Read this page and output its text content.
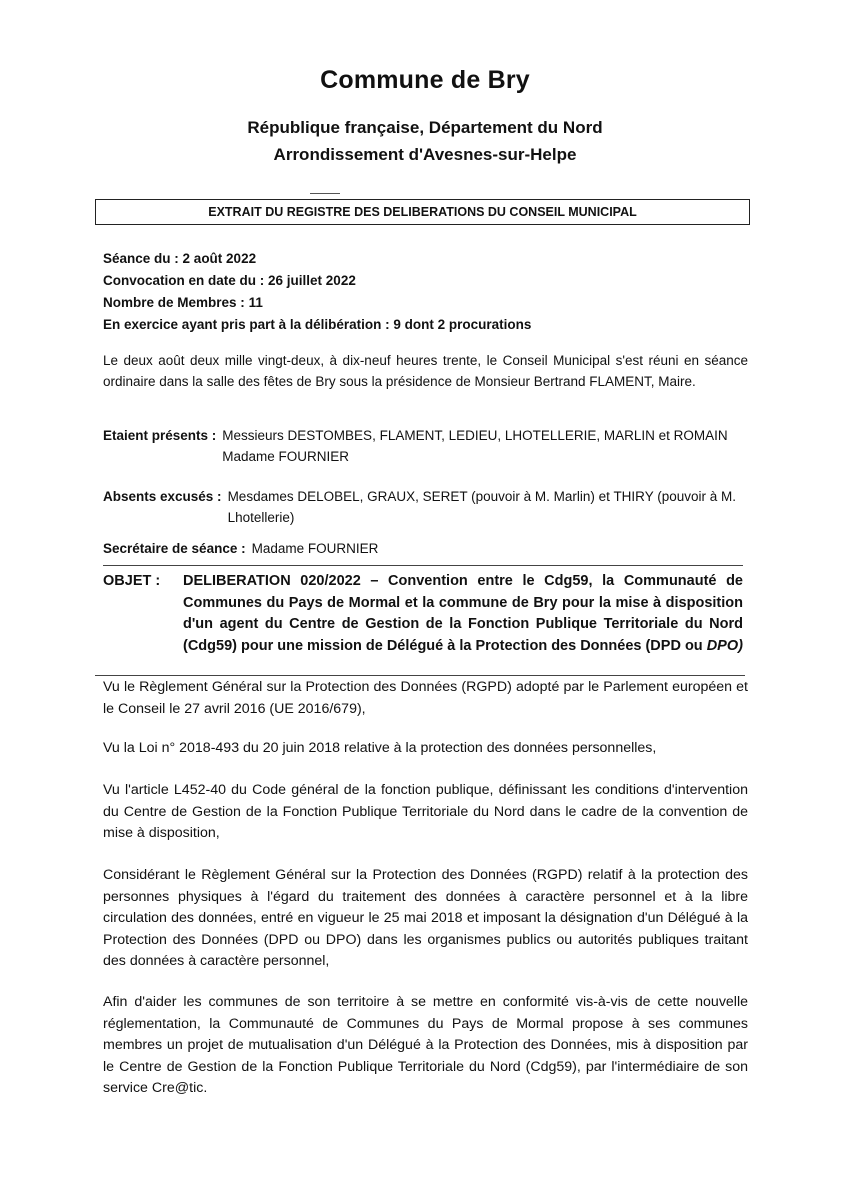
Commune de Bry
République française, Département du Nord
Arrondissement d'Avesnes-sur-Helpe
EXTRAIT DU REGISTRE DES DELIBERATIONS DU CONSEIL MUNICIPAL
Séance du : 2 août 2022
Convocation en date du : 26 juillet 2022
Nombre de Membres : 11
En exercice ayant pris part à la délibération : 9 dont 2 procurations
Le deux août deux mille vingt-deux, à dix-neuf heures trente, le Conseil Municipal s'est réuni en séance ordinaire dans la salle des fêtes de Bry sous la présidence de Monsieur Bertrand FLAMENT, Maire.
Etaient présents : Messieurs DESTOMBES, FLAMENT, LEDIEU, LHOTELLERIE, MARLIN et ROMAIN
Madame FOURNIER
Absents excusés : Mesdames DELOBEL, GRAUX, SERET (pouvoir à M. Marlin) et THIRY (pouvoir à M. Lhotellerie)
Secrétaire de séance : Madame FOURNIER
OBJET :	DELIBERATION 020/2022 – Convention entre le Cdg59, la Communauté de Communes du Pays de Mormal et la commune de Bry pour la mise à disposition d'un agent du Centre de Gestion de la Fonction Publique Territoriale du Nord (Cdg59) pour une mission de Délégué à la Protection des Données (DPD ou DPO)
Vu le Règlement Général sur la Protection des Données (RGPD) adopté par le Parlement européen et le Conseil le 27 avril 2016 (UE 2016/679),
Vu la Loi n° 2018-493 du 20 juin 2018 relative à la protection des données personnelles,
Vu l'article L452-40 du Code général de la fonction publique, définissant les conditions d'intervention du Centre de Gestion de la Fonction Publique Territoriale du Nord dans le cadre de la convention de mise à disposition,
Considérant le Règlement Général sur la Protection des Données (RGPD) relatif à la protection des personnes physiques à l'égard du traitement des données à caractère personnel et à la libre circulation des données, entré en vigueur le 25 mai 2018 et imposant la désignation d'un Délégué à la Protection des Données (DPD ou DPO) dans les organismes publics ou autorités publiques traitant des données à caractère personnel,
Afin d'aider les communes de son territoire à se mettre en conformité vis-à-vis de cette nouvelle réglementation, la Communauté de Communes du Pays de Mormal propose à ses communes membres un projet de mutualisation d'un Délégué à la Protection des Données, mis à disposition par le Centre de Gestion de la Fonction Publique Territoriale du Nord (Cdg59), par l'intermédiaire de son service Cre@tic.
